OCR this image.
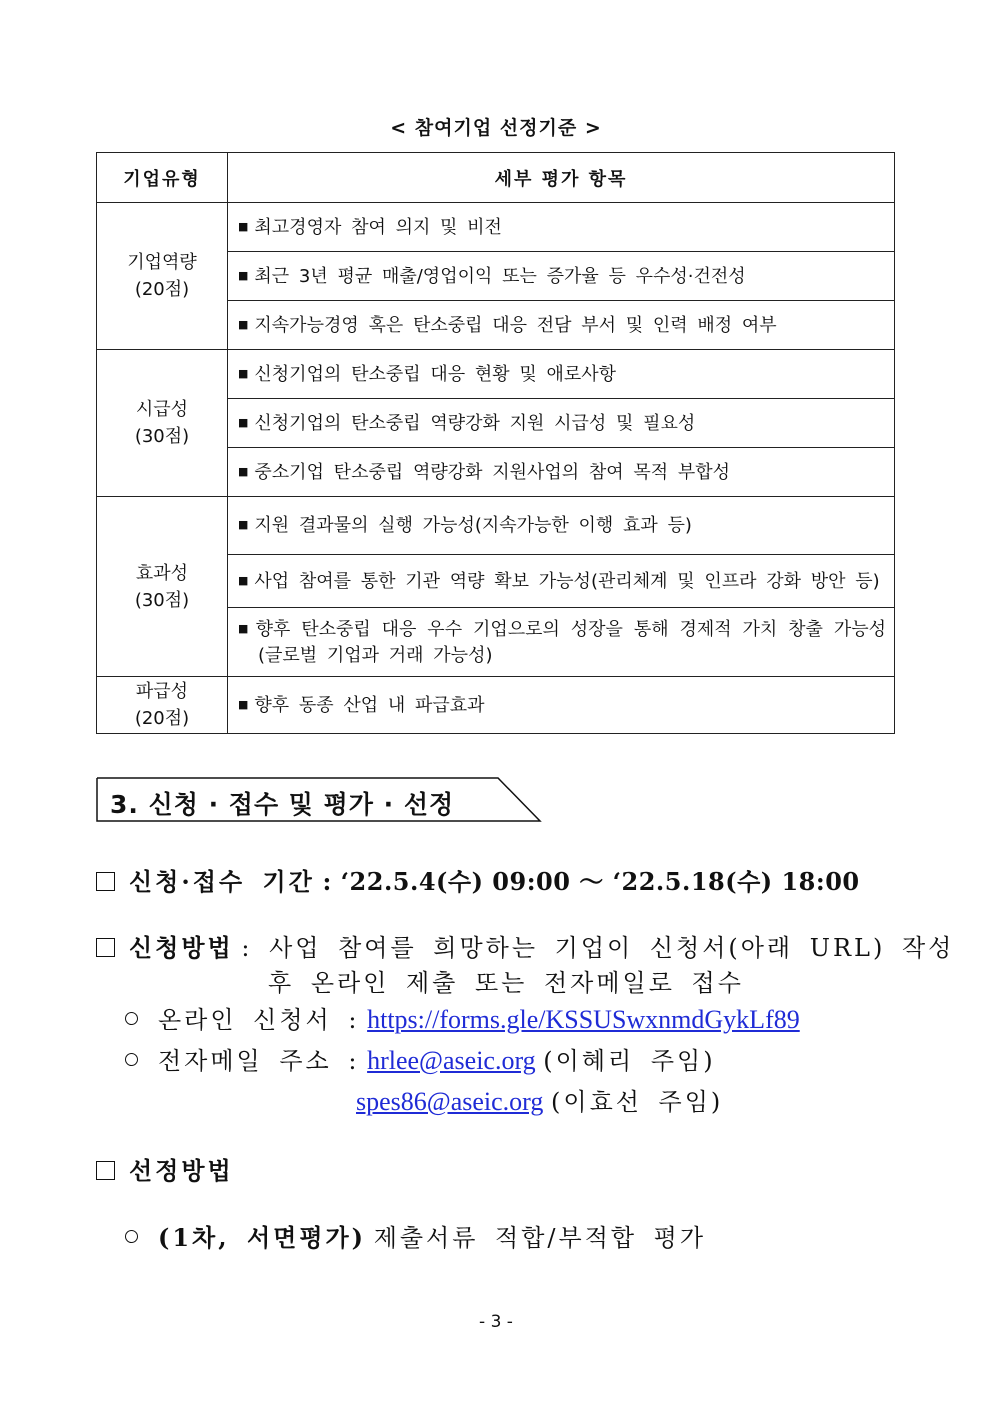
< 참여기업 선정기준 >
기업유형	세부 평가 항목

기업역량
(20점)	■ 최고경영자 참여 의지 및 비전
	■ 최근 3년 평균 매출/영업이익 또는 증가율 등 우수성·건전성
	■ 지속가능경영 혹은 탄소중립 대응 전담 부서 및 인력 배정 여부

시급성
(30점)	■ 신청기업의 탄소중립 대응 현황 및 애로사항
	■ 신청기업의 탄소중립 역량강화 지원 시급성 및 필요성
	■ 중소기업 탄소중립 역량강화 지원사업의 참여 목적 부합성

효과성
(30점)	■ 지원 결과물의 실행 가능성(지속가능한 이행 효과 등)
	■ 사업 참여를 통한 기관 역량 확보 가능성(관리체계 및 인프라 강화 방안 등)
	■ 향후 탄소중립 대응 우수 기업으로의 성장을 통해 경제적 가치 창출 가능성 (글로벌 기업과 거래 가능성)

파급성
(20점)	■ 향후 동종 산업 내 파급효과
3. 신청 · 접수 및 평가 · 선정
신청·접수 기간 : ‘22.5.4(수) 09:00 ～ ‘22.5.18(수) 18:00
신청방법 : 사업 참여를 희망하는 기업이 신청서(아래 URL) 작성
후 온라인 제출 또는 전자메일로 접수
온라인 신청서 : https://forms.gle/KSSUSwxnmdGykLf89
전자메일 주소 : hrlee@aseic.org (이혜리 주임)
spes86@aseic.org (이효선 주임)
선정방법
(1차, 서면평가) 제출서류 적합/부적합 평가
- 3 -
